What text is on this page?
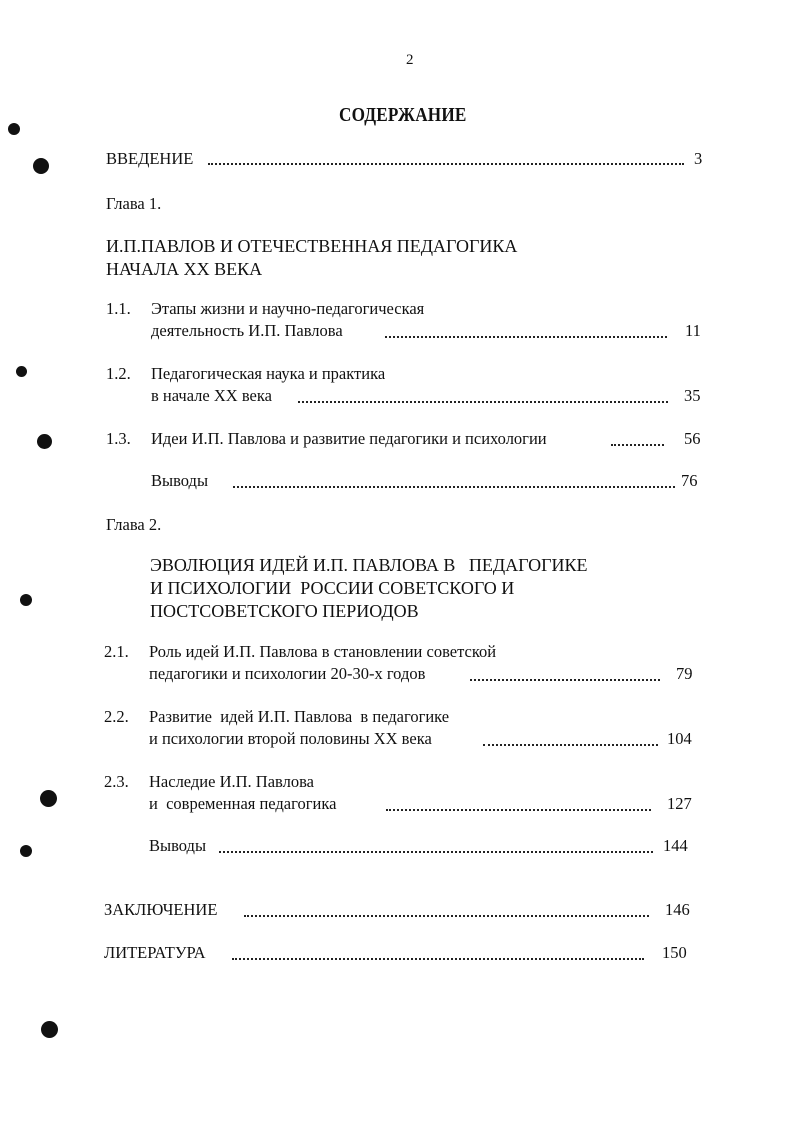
2
СОДЕРЖАНИЕ
ВВЕДЕНИЕ	3
Глава 1.
И.П.ПАВЛОВ И ОТЕЧЕСТВЕННАЯ ПЕДАГОГИКА
НАЧАЛА XX ВЕКА
1.1. Этапы жизни и научно-педагогическая
деятельность И.П. Павлова	11
1.2. Педагогическая наука и практика
в начале XX века	35
1.3. Идеи И.П. Павлова и развитие педагогики и психологии	56
Выводы	76
Глава 2.
ЭВОЛЮЦИЯ ИДЕЙ И.П. ПАВЛОВА В   ПЕДАГОГИКЕ
И ПСИХОЛОГИИ  РОССИИ СОВЕТСКОГО И
ПОСТСОВЕТСКОГО ПЕРИОДОВ
2.1. Роль идей И.П. Павлова в становлении советской
педагогики и психологии 20-30-х годов	79
2.2. Развитие  идей И.П. Павлова  в педагогике
и психологии второй половины XX века	104
2.3. Наследие И.П. Павлова
и  современная педагогика	127
Выводы	144
ЗАКЛЮЧЕНИЕ	146
ЛИТЕРАТУРА	150
